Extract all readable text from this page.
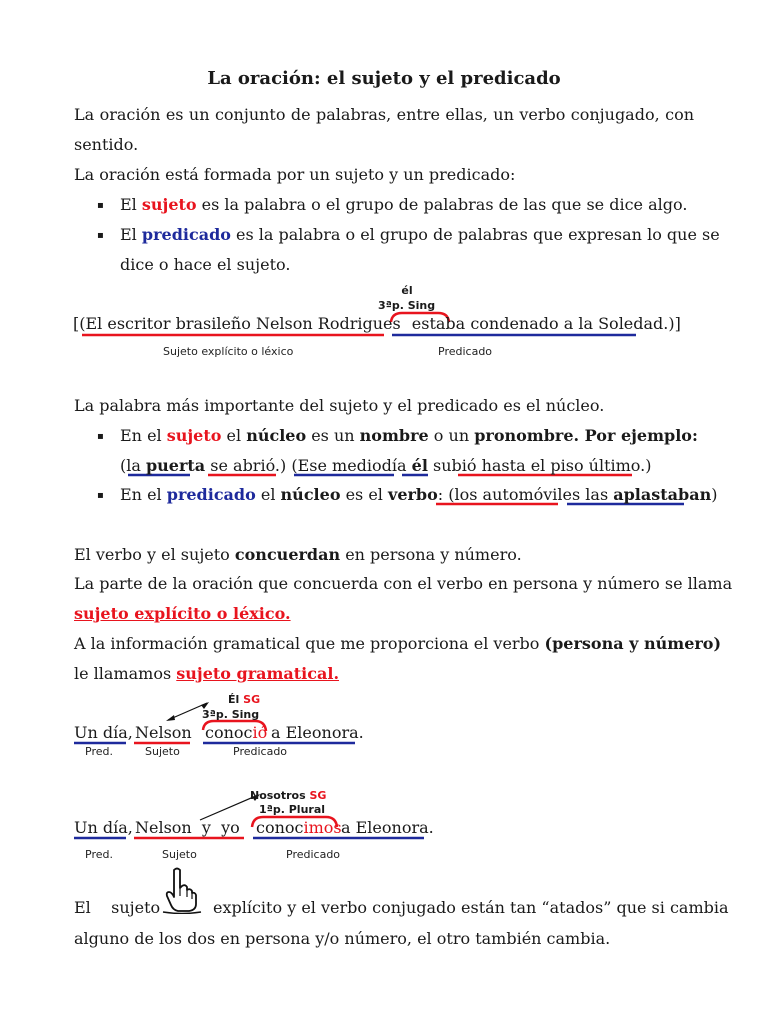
La oración: el sujeto y el predicado
La oración es un conjunto de palabras, entre ellas, un verbo conjugado, con
sentido.
La oración está formada por un sujeto y un predicado:
▪ El sujeto es la palabra o el grupo de palabras de las que se dice algo.
▪ El predicado es la palabra o el grupo de palabras que expresan lo que se
dice o hace el sujeto.
él
3ªp. Sing
[(El escritor brasileño Nelson Rodrigues estaba condenado a la Soledad.)]
Sujeto explícito o léxico	Predicado
La palabra más importante del sujeto y el predicado es el núcleo.
▪ En el sujeto el núcleo es un nombre o un pronombre. Por ejemplo:
(la puerta se abrió.) (Ese mediodía él subió hasta el piso último.)
▪ En el predicado el núcleo es el verbo: (los automóviles las aplastaban)
El verbo y el sujeto concuerdan en persona y número.
La parte de la oración que concuerda con el verbo en persona y número se llama
sujeto explícito o léxico.
A la información gramatical que me proporciona el verbo (persona y número)
le llamamos sujeto gramatical.
Él SG
3ªp. Sing
Un día, Nelson conoció a Eleonora.
Pred.	Sujeto	Predicado
Nosotros SG
1ªp. Plural
Un día, Nelson  y  yo conocimos a Eleonora.
Pred.	Sujeto	Predicado
El    sujeto	explícito y el verbo conjugado están tan “atados” que si cambia
alguno de los dos en persona y/o número, el otro también cambia.
